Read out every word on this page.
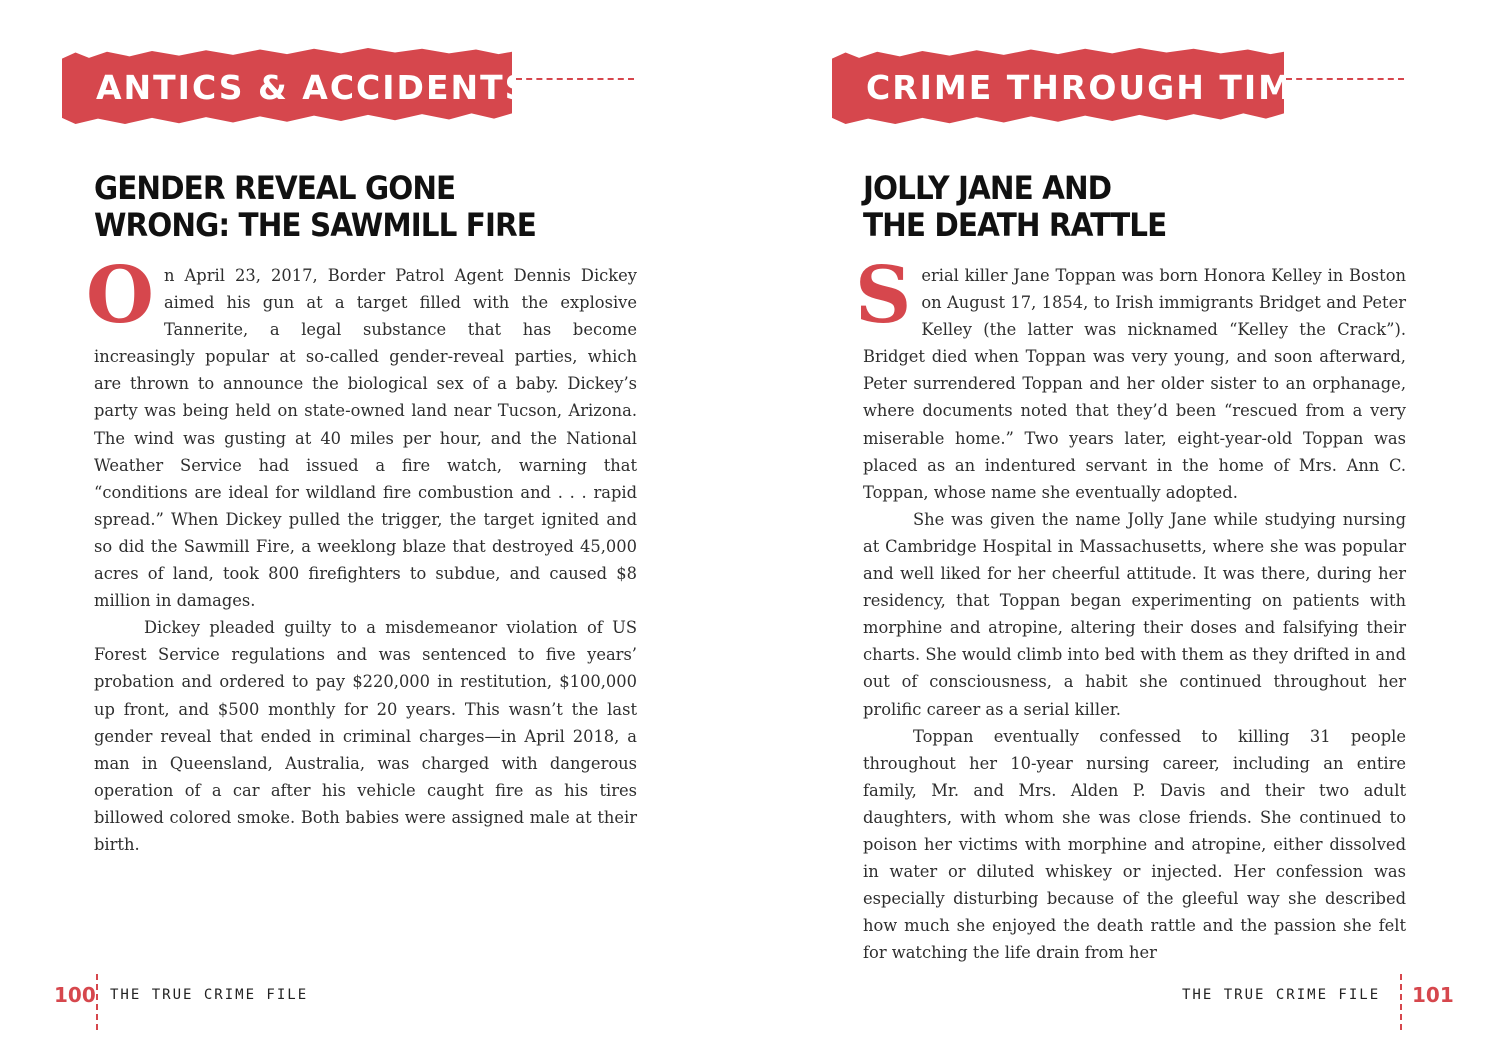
ANTICS & ACCIDENTS
GENDER REVEAL GONE
WRONG: THE SAWMILL FIRE

On April 23, 2017, Border Patrol Agent Dennis Dickey aimed his gun at a target filled with the explosive Tannerite, a legal substance that has become increasingly popular at so-called gender-reveal parties, which are thrown to announce the biological sex of a baby. Dickey’s party was being held on state-owned land near Tucson, Arizona. The wind was gusting at 40 miles per hour, and the National Weather Service had issued a fire watch, warning that “conditions are ideal for wildland fire combustion and . . . rapid spread.” When Dickey pulled the trigger, the target ignited and so did the Sawmill Fire, a weeklong blaze that destroyed 45,000 acres of land, took 800 firefighters to subdue, and caused $8 million in damages.

Dickey pleaded guilty to a misdemeanor violation of US Forest Service regulations and was sentenced to five years’ probation and ordered to pay $220,000 in restitution, $100,000 up front, and $500 monthly for 20 years. This wasn’t the last gender reveal that ended in criminal charges—in April 2018, a man in Queensland, Australia, was charged with dangerous operation of a car after his vehicle caught fire as his tires billowed colored smoke. Both babies were assigned male at their birth.

100 THE TRUE CRIME FILE
CRIME THROUGH TIME
JOLLY JANE AND
THE DEATH RATTLE

Serial killer Jane Toppan was born Honora Kelley in Boston on August 17, 1854, to Irish immigrants Bridget and Peter Kelley (the latter was nicknamed “Kelley the Crack”). Bridget died when Toppan was very young, and soon afterward, Peter surrendered Toppan and her older sister to an orphanage, where documents noted that they’d been “rescued from a very miserable home.” Two years later, eight-year-old Toppan was placed as an indentured servant in the home of Mrs. Ann C. Toppan, whose name she eventually adopted.

She was given the name Jolly Jane while studying nursing at Cambridge Hospital in Massachusetts, where she was popular and well liked for her cheerful attitude. It was there, during her residency, that Toppan began experimenting on patients with morphine and atropine, altering their doses and falsifying their charts. She would climb into bed with them as they drifted in and out of consciousness, a habit she continued throughout her prolific career as a serial killer.

Toppan eventually confessed to killing 31 people throughout her 10-year nursing career, including an entire family, Mr. and Mrs. Alden P. Davis and their two adult daughters, with whom she was close friends. She continued to poison her victims with morphine and atropine, either dissolved in water or diluted whiskey or injected. Her confession was especially disturbing because of the gleeful way she described how much she enjoyed the death rattle and the passion she felt for watching the life drain from her

THE TRUE CRIME FILE 101
